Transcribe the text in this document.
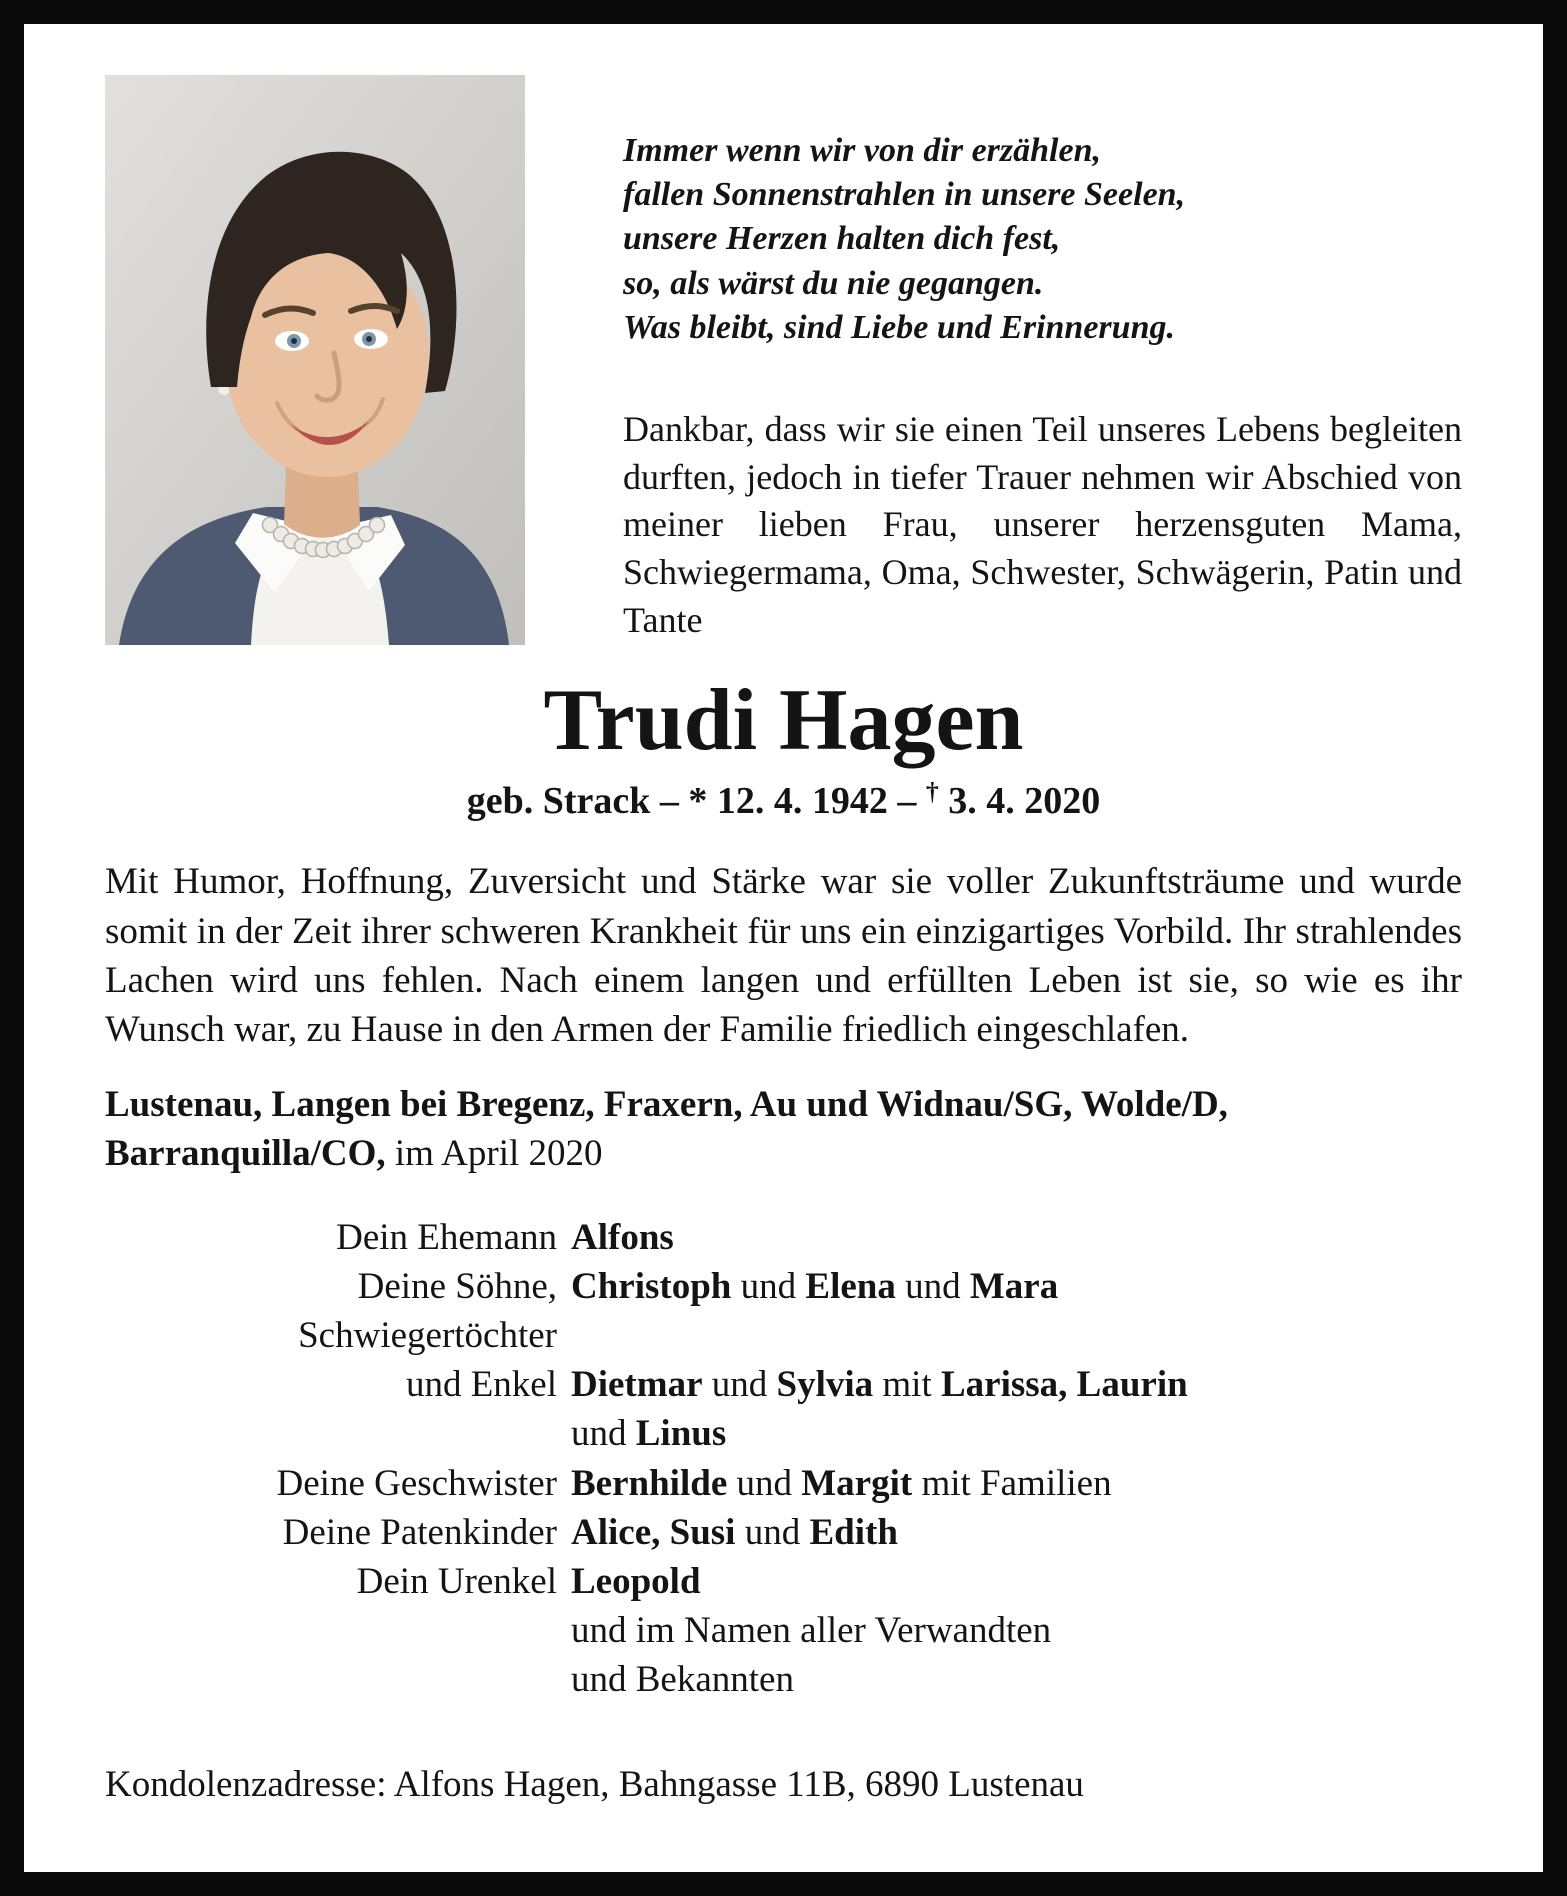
Immer wenn wir von dir erzählen,
fallen Sonnenstrahlen in unsere Seelen,
unsere Herzen halten dich fest,
so, als wärst du nie gegangen.
Was bleibt, sind Liebe und Erinnerung.

Dankbar, dass wir sie einen Teil unseres Lebens begleiten durften, jedoch in tiefer Trauer nehmen wir Abschied von meiner lieben Frau, unserer herzensguten Mama, Schwiegermama, Oma, Schwester, Schwägerin, Patin und Tante

Trudi Hagen
geb. Strack – * 12. 4. 1942 – † 3. 4. 2020

Mit Humor, Hoffnung, Zuversicht und Stärke war sie voller Zukunftsträume und wurde somit in der Zeit ihrer schweren Krankheit für uns ein einzigartiges Vorbild. Ihr strahlendes Lachen wird uns fehlen. Nach einem langen und erfüllten Leben ist sie, so wie es ihr Wunsch war, zu Hause in den Armen der Familie friedlich eingeschlafen.

Lustenau, Langen bei Bregenz, Fraxern, Au und Widnau/SG, Wolde/D, Barranquilla/CO, im April 2020

Dein Ehemann Alfons
Deine Söhne, Schwiegertöchter
Christoph und Elena und Mara
und Enkel Dietmar und Sylvia mit Larissa, Laurin
und Linus
Deine Geschwister Bernhilde und Margit mit Familien
Deine Patenkinder Alice, Susi und Edith
Dein Urenkel Leopold
und im Namen aller Verwandten
und Bekannten

Kondolenzadresse: Alfons Hagen, Bahngasse 11B, 6890 Lustenau
